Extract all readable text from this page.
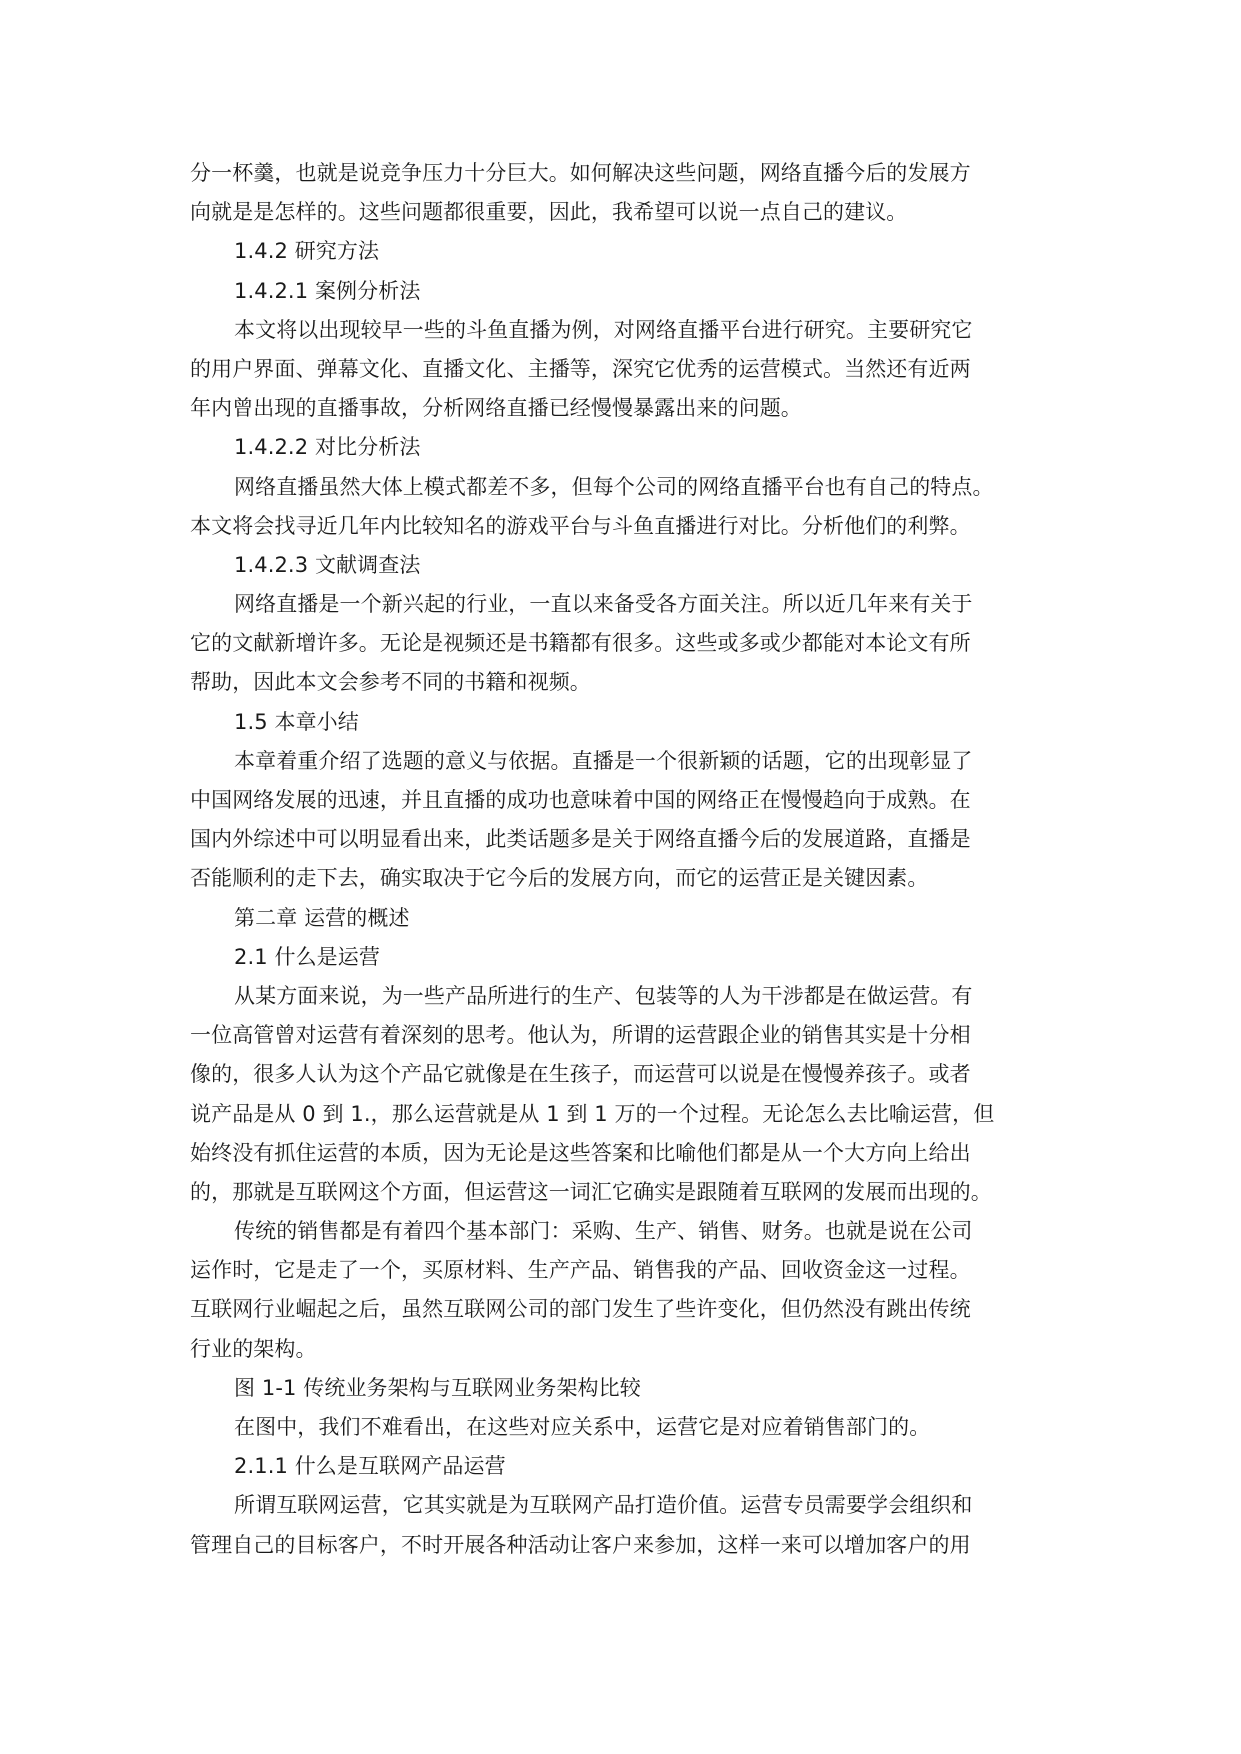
分一杯羹，也就是说竞争压力十分巨大。如何解决这些问题，网络直播今后的发展方
向就是是怎样的。这些问题都很重要，因此，我希望可以说一点自己的建议。
1.4.2 研究方法
1.4.2.1 案例分析法
本文将以出现较早一些的斗鱼直播为例，对网络直播平台进行研究。主要研究它
的用户界面、弹幕文化、直播文化、主播等，深究它优秀的运营模式。当然还有近两
年内曾出现的直播事故，分析网络直播已经慢慢暴露出来的问题。
1.4.2.2 对比分析法
网络直播虽然大体上模式都差不多，但每个公司的网络直播平台也有自己的特点。
本文将会找寻近几年内比较知名的游戏平台与斗鱼直播进行对比。分析他们的利弊。
1.4.2.3 文献调查法
网络直播是一个新兴起的行业，一直以来备受各方面关注。所以近几年来有关于
它的文献新增许多。无论是视频还是书籍都有很多。这些或多或少都能对本论文有所
帮助，因此本文会参考不同的书籍和视频。
1.5 本章小结
本章着重介绍了选题的意义与依据。直播是一个很新颖的话题，它的出现彰显了
中国网络发展的迅速，并且直播的成功也意味着中国的网络正在慢慢趋向于成熟。在
国内外综述中可以明显看出来，此类话题多是关于网络直播今后的发展道路，直播是
否能顺利的走下去，确实取决于它今后的发展方向，而它的运营正是关键因素。
第二章 运营的概述
2.1 什么是运营
从某方面来说，为一些产品所进行的生产、包装等的人为干涉都是在做运营。有
一位高管曾对运营有着深刻的思考。他认为，所谓的运营跟企业的销售其实是十分相
像的，很多人认为这个产品它就像是在生孩子，而运营可以说是在慢慢养孩子。或者
说产品是从 0 到 1.，那么运营就是从 1 到 1 万的一个过程。无论怎么去比喻运营，但
始终没有抓住运营的本质，因为无论是这些答案和比喻他们都是从一个大方向上给出
的，那就是互联网这个方面，但运营这一词汇它确实是跟随着互联网的发展而出现的。
传统的销售都是有着四个基本部门：采购、生产、销售、财务。也就是说在公司
运作时，它是走了一个，买原材料、生产产品、销售我的产品、回收资金这一过程。
互联网行业崛起之后，虽然互联网公司的部门发生了些许变化，但仍然没有跳出传统
行业的架构。
图 1-1 传统业务架构与互联网业务架构比较
在图中，我们不难看出，在这些对应关系中，运营它是对应着销售部门的。
2.1.1 什么是互联网产品运营
所谓互联网运营，它其实就是为互联网产品打造价值。运营专员需要学会组织和
管理自己的目标客户，不时开展各种活动让客户来参加，这样一来可以增加客户的用
